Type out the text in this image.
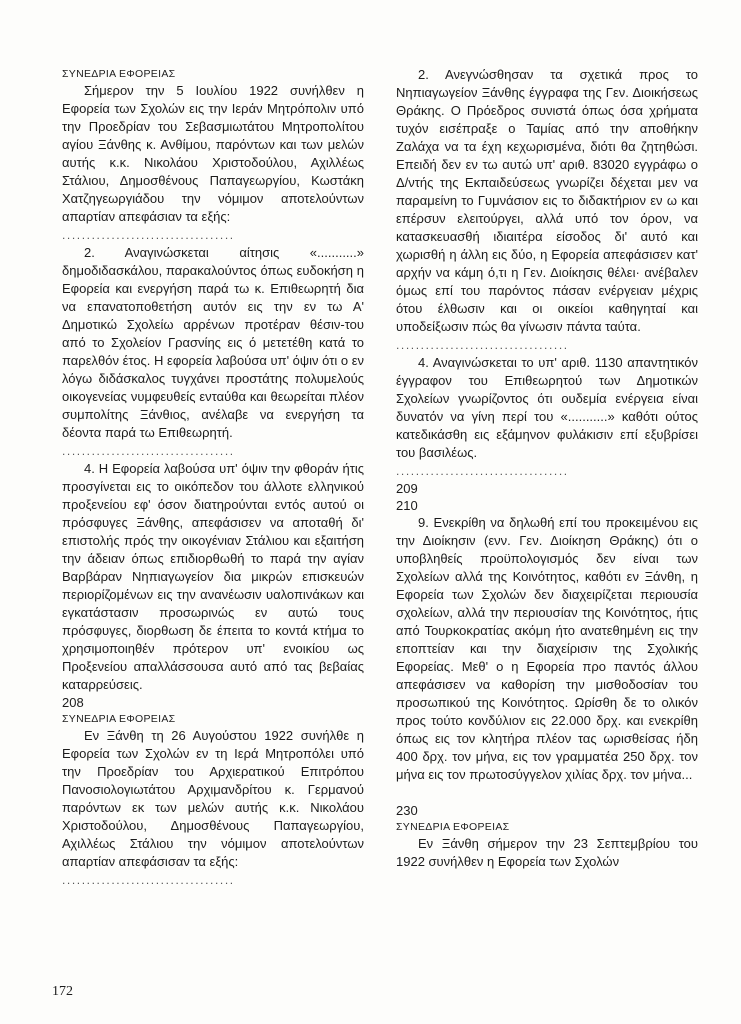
ΣΥΝΕΔΡΙΑ ΕΦΟΡΕΙΑΣ

Σήμερον την 5 Ιουλίου 1922 συνήλθεν η Εφορεία των Σχολών εις την Ιεράν Μητρόπολιν υπό την Προεδρίαν του Σεβασμιωτάτου Μητροπολίτου αγίου Ξάνθης κ. Ανθίμου, παρόντων και των μελών αυτής κ.κ. Νικολάου Χριστοδούλου, Αχιλλέως Στάλιου, Δημοσθένους Παπαγεωργίου, Κωστάκη Χατζηγεωργιάδου την νόμιμον αποτελούντων απαρτίαν απεφάσιαν τα εξής:

...................................

2. Αναγινώσκεται αίτησις «...........» δημοδιδασκάλου, παρακαλούντος όπως ευδοκήση η Εφορεία και ενεργήση παρά τω κ. Επιθεωρητή δια να επανατοποθετήση αυτόν εις την εν τω Α' Δημοτικώ Σχολείω αρρένων προτέραν θέσιν-του από το Σχολείον Γρασνίης εις ό μετετέθη κατά το παρελθόν έτος. Η εφορεία λαβούσα υπ' όψιν ότι ο εν λόγω διδάσκαλος τυγχάνει προστάτης πολυμελούς οικογενείας νυμφευθείς ενταύθα και θεωρείται πλέον συμπολίτης Ξάνθιος, ανέλαβε να ενεργήση τα δέοντα παρά τω Επιθεωρητή.

...................................

4. Η Εφορεία λαβούσα υπ' όψιν την φθοράν ήτις προσγίνεται εις το οικόπεδον του άλλοτε ελληνικού προξενείου εφ' όσον διατηρούνται εντός αυτού οι πρόσφυγες Ξάνθης, απεφάσισεν να αποταθή δι' επιστολής πρός την οικογένιαν Στάλιου και εξαιτήση την άδειαν όπως επιδιορθωθή το παρά την αγίαν Βαρβάραν Νηπιαγωγείον δια μικρών επισκευών περιορίζομένων εις την ανανέωσιν υαλοπινάκων και εγκατάστασιν προσωρινώς εν αυτώ τους πρόσφυγες, διορθωση δε έπειτα το κοντά κτήμα το χρησιμοποιηθέν πρότερον υπ' ενοικίου ως Προξενείου απαλλάσσουσα αυτό από τας βεβαίας καταρρεύσεις.

208

ΣΥΝΕΔΡΙΑ ΕΦΟΡΕΙΑΣ

Εν Ξάνθη τη 26 Αυγούστου 1922 συνήλθε η Εφορεία των Σχολών εν τη Ιερά Μητροπόλει υπό την Προεδρίαν του Αρχιερατικού Επιτρόπου Πανοσιολογιωτάτου Αρχιμανδρίτου κ. Γερμανού παρόντων εκ των μελών αυτής κ.κ. Νικολάου Χριστοδούλου, Δημοσθένους Παπαγεωργίου, Αχιλλέως Στάλιου την νόμιμον αποτελούντων απαρτίαν απεφάσισαν τα εξής:

...................................

2. Ανεγνώσθησαν τα σχετικά προς το Νηπιαγωγείον Ξάνθης έγγραφα της Γεν. Διοικήσεως Θράκης. Ο Πρόεδρος συνιστά όπως όσα χρήματα τυχόν εισέπραξε ο Ταμίας από την αποθήκην Ζαλάχα να τα έχη κεχωρισμένα, διότι θα ζητηθώσι. Επειδή δεν εν τω αυτώ υπ' αριθ. 83020 εγγράφω ο Δ/ντής της Εκπαιδεύσεως γνωρίζει δέχεται μεν να παραμείνη το Γυμνάσιον εις το διδακτήριον εν ω και επέρσυν ελειτούργει, αλλά υπό τον όρον, να κατασκευασθή ιδιαιτέρα είσοδος δι' αυτό και χωρισθή η άλλη εις δύο, η Εφορεία απεφάσισεν κατ' αρχήν να κάμη ό,τι η Γεν. Διοίκησις θέλει· ανέβαλεν όμως επί του παρόντος πάσαν ενέργειαν μέχρις ότου έλθωσιν και οι οικείοι καθηγηταί και υποδείξωσιν πώς θα γίνωσιν πάντα ταύτα.

...................................

4. Αναγινώσκεται το υπ' αριθ. 1130 απαντητικόν έγγραφον του Επιθεωρητού των Δημοτικών Σχολείων γνωρίζοντος ότι ουδεμία ενέργεια είναι δυνατόν να γίνη περί του «...........» καθότι ούτος κατεδικάσθη εις εξάμηνον φυλάκισιν επί εξυβρίσει του βασιλέως.

...................................

209

210

9. Ενεκρίθη να δηλωθή επί του προκειμένου εις την Διοίκησιν (ενν. Γεν. Διοίκηση Θράκης) ότι ο υποβληθείς προϋπολογισμός δεν είναι των Σχολείων αλλά της Κοινότητος, καθότι εν Ξάνθη, η Εφορεία των Σχολών δεν διαχειρίζεται περιουσία σχολείων, αλλά την περιουσίαν της Κοινότητος, ήτις από Τουρκοκρατίας ακόμη ήτο ανατεθημένη εις την εποπτείαν και την διαχείρισιν της Σχολικής Εφορείας. Μεθ' ο η Εφορεία προ παντός άλλου απεφάσισεν να καθορίση την μισθοδοσίαν του προσωπικού της Κοινότητος. Ωρίσθη δε το ολικόν προς τούτο κονδύλιον εις 22.000 δρχ. και ενεκρίθη όπως εις τον κλητήρα πλέον τας ωρισθείσας ήδη 400 δρχ. τον μήνα, εις τον γραμματέα 250 δρχ. τον μήνα εις τον πρωτοσύγγελον χιλίας δρχ. τον μήνα...

230

ΣΥΝΕΔΡΙΑ ΕΦΟΡΕΙΑΣ

Εν Ξάνθη σήμερον την 23 Σεπτεμβρίου του 1922 συνήλθεν η Εφορεία των Σχολών

172
